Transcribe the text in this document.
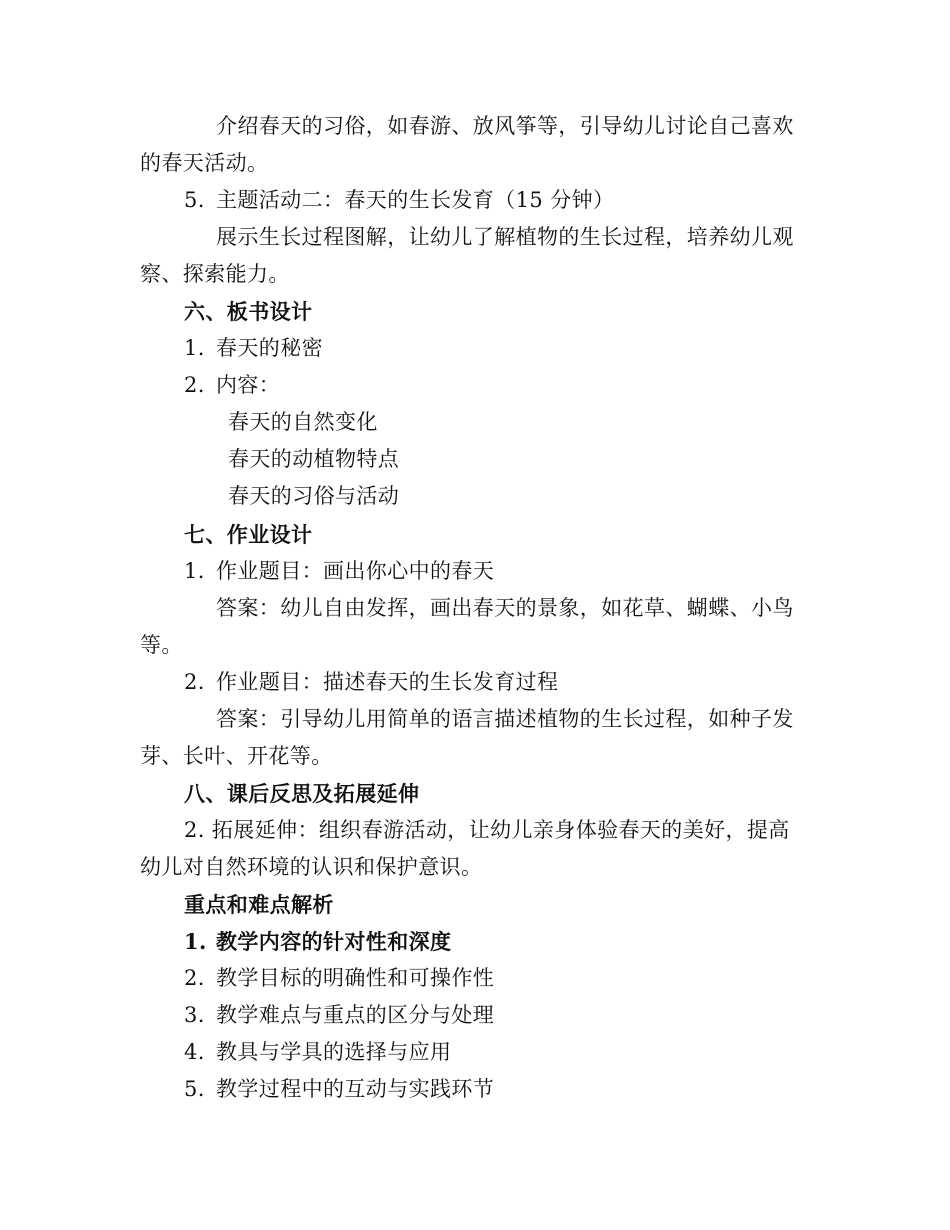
介绍春天的习俗，如春游、放风筝等，引导幼儿讨论自己喜欢
的春天活动。
5. 主题活动二：春天的生长发育（15 分钟）
展示生长过程图解，让幼儿了解植物的生长过程，培养幼儿观
察、探索能力。
六、板书设计
1. 春天的秘密
2. 内容：
春天的自然变化
春天的动植物特点
春天的习俗与活动
七、作业设计
1. 作业题目：画出你心中的春天
答案：幼儿自由发挥，画出春天的景象，如花草、蝴蝶、小鸟
等。
2. 作业题目：描述春天的生长发育过程
答案：引导幼儿用简单的语言描述植物的生长过程，如种子发
芽、长叶、开花等。
八、课后反思及拓展延伸
2. 拓展延伸：组织春游活动，让幼儿亲身体验春天的美好，提高
幼儿对自然环境的认识和保护意识。
重点和难点解析
1. 教学内容的针对性和深度
2. 教学目标的明确性和可操作性
3. 教学难点与重点的区分与处理
4. 教具与学具的选择与应用
5. 教学过程中的互动与实践环节
